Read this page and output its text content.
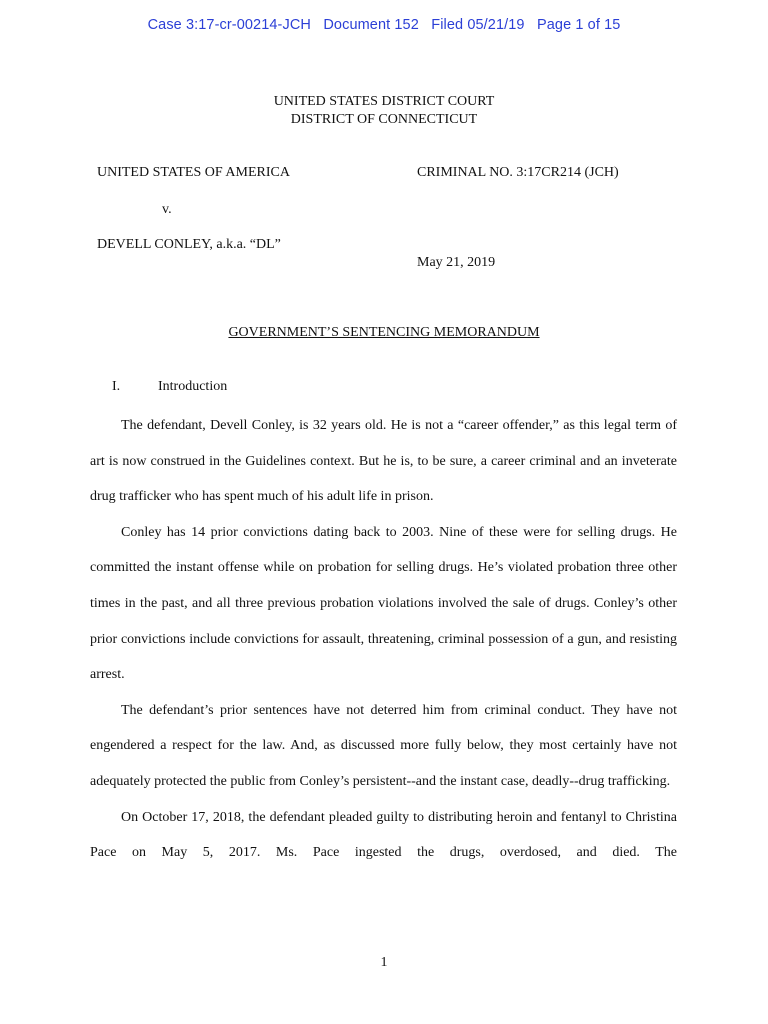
Case 3:17-cr-00214-JCH Document 152 Filed 05/21/19 Page 1 of 15
UNITED STATES DISTRICT COURT
DISTRICT OF CONNECTICUT
UNITED STATES OF AMERICA
v.
DEVELL CONLEY, a.k.a. “DL”
CRIMINAL NO. 3:17CR214 (JCH)
May 21, 2019
GOVERNMENT’S SENTENCING MEMORANDUM
I.	Introduction

The defendant, Devell Conley, is 32 years old. He is not a “career offender,” as this legal term of art is now construed in the Guidelines context. But he is, to be sure, a career criminal and an inveterate drug trafficker who has spent much of his adult life in prison.

Conley has 14 prior convictions dating back to 2003. Nine of these were for selling drugs. He committed the instant offense while on probation for selling drugs. He’s violated probation three other times in the past, and all three previous probation violations involved the sale of drugs. Conley’s other prior convictions include convictions for assault, threatening, criminal possession of a gun, and resisting arrest.

The defendant’s prior sentences have not deterred him from criminal conduct. They have not engendered a respect for the law. And, as discussed more fully below, they most certainly have not adequately protected the public from Conley’s persistent--and the instant case, deadly--drug trafficking.

On October 17, 2018, the defendant pleaded guilty to distributing heroin and fentanyl to Christina Pace on May 5, 2017. Ms. Pace ingested the drugs, overdosed, and died. The

1
